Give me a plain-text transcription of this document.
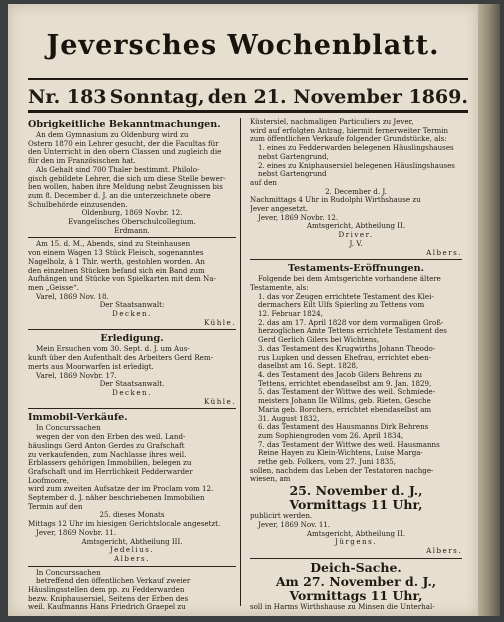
Jeversches Wochenblatt.
Nr. 183 Sonntag, den 21. November 1869.
Obrigkeitliche Bekanntmachungen.
An dem Gymnasium zu Oldenburg wird zu
Ostern 1870 ein Lehrer gesucht, der die Facultas für
den Unterricht in den obern Classen und zugleich die
für den im Französischen hat.
Als Gehalt sind 700 Thaler bestimmt. Philolo-
gisch gebildete Lehrer, die sich um diese Stelle bewer-
ben wollen, haben ihre Meldung nebst Zeugnissen bis
zum 8. December d. J. an die unterzeichnete obere
Schulbehörde einzusenden.
Oldenburg, 1869 Novbr. 12.
Evangelisches Oberschulcollegium.
Erdmann.
Am 15. d. M., Abends, sind zu Steinhausen
von einem Wagen 13 Stück Fleisch, sogenanntes
Nagelholz, à 1 Thlr. werth, gestohlen worden. An
den einzelnen Stücken befand sich ein Band zum
Aufhängen und Stücke von Spielkarten mit dem Na-
men „Geisse“.
Varel, 1869 Nov. 18.
Der Staatsanwalt:
Decken.
Kühle.
Erledigung.
Mein Ersuchen vom 30. Sept. d. J. um Aus-
kunft über den Aufenthalt des Arbeiters Gerd Rem-
merts aus Moorwarfen ist erledigt.
Varel, 1869 Novbr. 17.
Der Staatsanwalt.
Decken.
Kühle.
Immobil-Verkäufe.
In Concurssachen
wegen der von den Erben des weil. Land-
häuslings Gerd Anton Gerdes zu Grafschaft
zu verkaufenden, zum Nachlasse ihres weil.
Erblassers gehörigen Immobilien, belegen zu
Grafschaft und im Herrlichkeit Fedderwarder
Loofmoore,
wird zum zweiten Aufsatze der im Proclam vom 12.
September d. J. näher beschriebenen Immobilien
Termin auf den
25. dieses Monats
Mittags 12 Uhr im hiesigen Gerichtslocale angesetzt.
Jever, 1869 Novbr. 11.
Amtsgericht, Abtheilung III.
Jedelius.
Albers.
In Concurssachen
betreffend den öffentlichen Verkauf zweier
Häuslingsstellen dem pp. zu Fedderwarden
bezw. Kniphausersiel, Seitens der Erben des
weil. Kaufmanns Hans Friedrich Graepel zu
Küstersiel, nachmaligen Particuliers zu Jever,
wird auf erfolgten Antrag, hiermit fernerweiter Termin
zum öffentlichen Verkaufe folgender Grundstücke, als:
1. eines zu Fedderwarden belegenen Häuslingshauses
nebst Gartengrund,
2. eines zu Kniphausersiel belegenen Häuslingshauses
nebst Gartengrund
auf den
2. December d. J.
Nachmittags 4 Uhr in Rudolphi Wirthshause zu
Jever angesetzt.
Jever, 1869 Novbr. 12.
Amtsgericht, Abtheilung II.
Driver.
J. V.
Albers.
Testaments-Eröffnungen.
Folgende bei dem Amtsgerichte vorhandene ältere
Testamente, als:
1. das vor Zeugen errichtete Testament des Klei-
dermachers Eilt Ulfs Spierling zu Tettens vom
12. Februar 1824,
2. das am 17. April 1828 vor dem vormaligen Groß-
herzoglichen Amte Tettens errichtete Testament des
Gerd Gerlich Gilers bei Wichtens,
3. das Testament des Krugwirths Johann Theodo-
rus Lupken und dessen Ehefrau, errichtet eben-
daselbst am 16. Sept. 1828,
4. des Testament des Jacob Gilers Behrens zu
Tettens, errichtet ebendaselbst am 9. Jan. 1829,
5. das Testament der Wittwe des weil. Schmiede-
meisters Johann Ile Willms, geb. Rieten, Gesche
Maria geb. Borchers, errichtet ebendaselbst am
31. August 1832,
6. das Testament des Hausmanns Dirk Behrens
zum Sophiengroden vom 26. April 1834,
7. das Testament der Wittwe des weil. Hausmanns
Reine Hayen zu Klein-Wichtens, Luise Marga-
rethe geb. Folkers, vom 27. Juni 1835,
sollen, nachdem das Leben der Testatoren nachge-
wiesen, am
25. November d. J.,
Vormittags 11 Uhr,
publicirt werden.
Jever, 1869 Nov. 11.
Amtsgericht, Abtheilung II.
Jürgens.
Albers.
Deich-Sache.
Am 27. November d. J.,
Vormittags 11 Uhr,
soll in Harms Wirthshause zu Minsen die Unterhal-
